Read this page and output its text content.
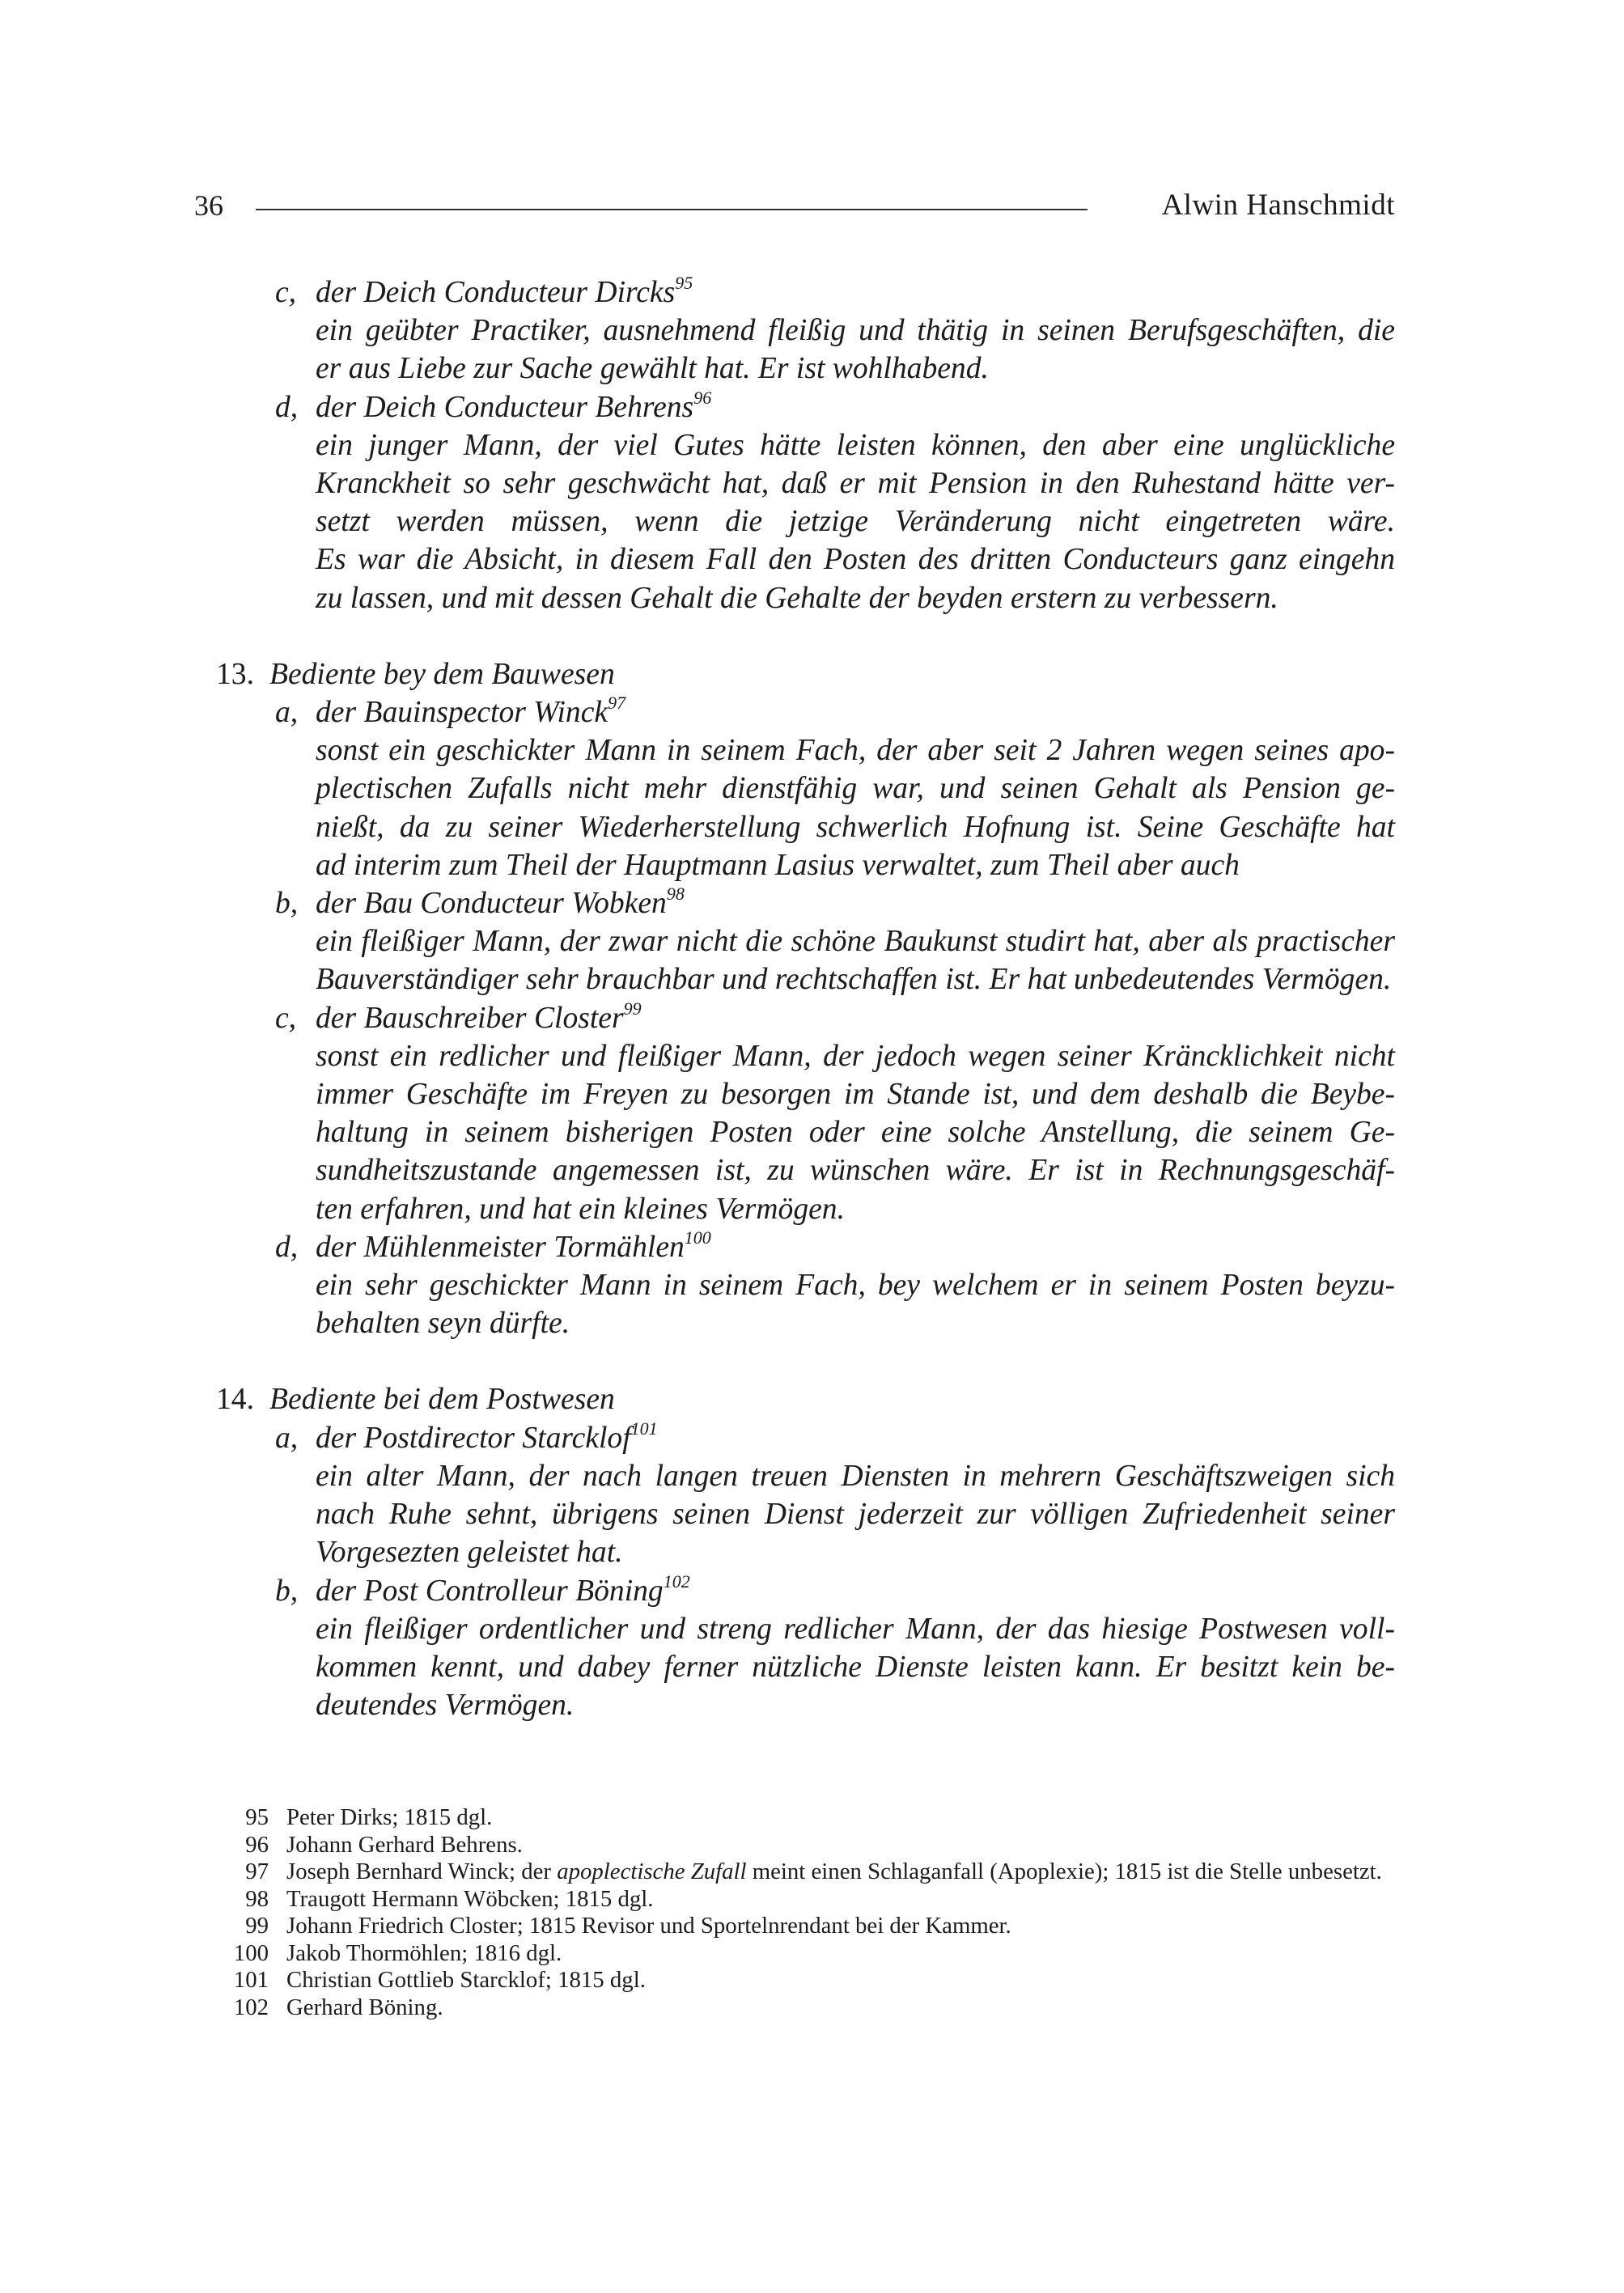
36	Alwin Hanschmidt
c, der Deich Conducteur Dircks$^{95}$
ein geübter Practiker, ausnehmend fleißig und thätig in seinen Berufsgeschäften, die
er aus Liebe zur Sache gewählt hat. Er ist wohlhabend.
d, der Deich Conducteur Behrens$^{96}$
ein junger Mann, der viel Gutes hätte leisten können, den aber eine unglückliche
Kranckheit so sehr geschwächt hat, daß er mit Pension in den Ruhestand hätte ver-
setzt werden müssen, wenn die jetzige Veränderung nicht eingetreten wäre.
Es war die Absicht, in diesem Fall den Posten des dritten Conducteurs ganz eingehn
zu lassen, und mit dessen Gehalt die Gehalte der beyden erstern zu verbessern.
13. Bediente bey dem Bauwesen
a, der Bauinspector Winck$^{97}$
sonst ein geschickter Mann in seinem Fach, der aber seit 2 Jahren wegen seines apo-
plectischen Zufalls nicht mehr dienstfähig war, und seinen Gehalt als Pension ge-
nießt, da zu seiner Wiederherstellung schwerlich Hofnung ist. Seine Geschäfte hat
ad interim zum Theil der Hauptmann Lasius verwaltet, zum Theil aber auch
b, der Bau Conducteur Wobken$^{98}$
ein fleißiger Mann, der zwar nicht die schöne Baukunst studirt hat, aber als practischer
Bauverständiger sehr brauchbar und rechtschaffen ist. Er hat unbedeutendes Vermögen.
c, der Bauschreiber Closter$^{99}$
sonst ein redlicher und fleißiger Mann, der jedoch wegen seiner Kräncklichkeit nicht
immer Geschäfte im Freyen zu besorgen im Stande ist, und dem deshalb die Beybe-
haltung in seinem bisherigen Posten oder eine solche Anstellung, die seinem Ge-
sundheitszustande angemessen ist, zu wünschen wäre. Er ist in Rechnungsgeschäf-
ten erfahren, und hat ein kleines Vermögen.
d, der Mühlenmeister Tormählen$^{100}$
ein sehr geschickter Mann in seinem Fach, bey welchem er in seinem Posten beyzu-
behalten seyn dürfte.
14. Bediente bei dem Postwesen
a, der Postdirector Starcklof$^{101}$
ein alter Mann, der nach langen treuen Diensten in mehrern Geschäftszweigen sich
nach Ruhe sehnt, übrigens seinen Dienst jederzeit zur völligen Zufriedenheit seiner
Vorgesezten geleistet hat.
b, der Post Controlleur Böning$^{102}$
ein fleißiger ordentlicher und streng redlicher Mann, der das hiesige Postwesen voll-
kommen kennt, und dabey ferner nützliche Dienste leisten kann. Er besitzt kein be-
deutendes Vermögen.
95 Peter Dirks; 1815 dgl.
96 Johann Gerhard Behrens.
97 Joseph Bernhard Winck; der apoplectische Zufall meint einen Schlaganfall (Apoplexie); 1815 ist die Stelle unbesetzt.
98 Traugott Hermann Wöbcken; 1815 dgl.
99 Johann Friedrich Closter; 1815 Revisor und Sportelnrendant bei der Kammer.
100 Jakob Thormöhlen; 1816 dgl.
101 Christian Gottlieb Starcklof; 1815 dgl.
102 Gerhard Böning.
